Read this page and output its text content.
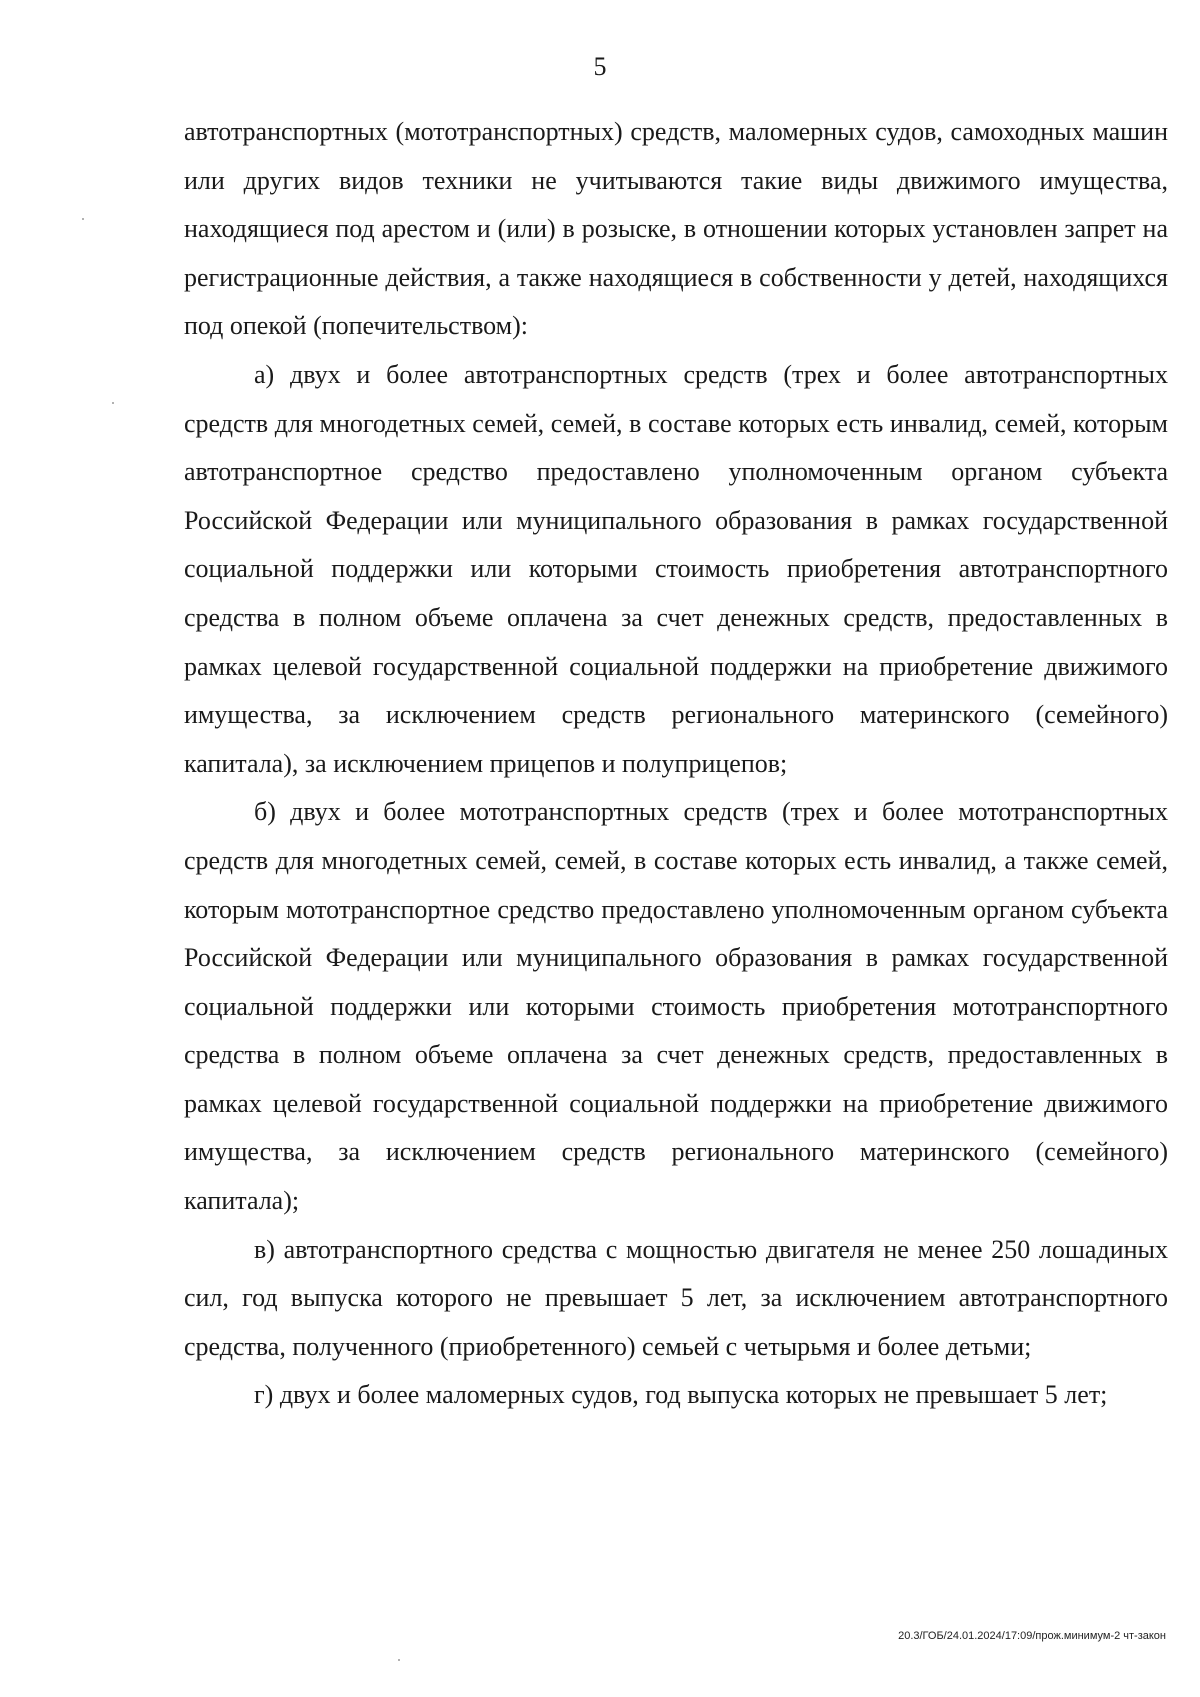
5

автотранспортных (мототранспортных) средств, маломерных судов, самоходных машин или других видов техники не учитываются такие виды движимого имущества, находящиеся под арестом и (или) в розыске, в отношении которых установлен запрет на регистрационные действия, а также находящиеся в собственности у детей, находящихся под опекой (попечительством):

а) двух и более автотранспортных средств (трех и более автотранспортных средств для многодетных семей, семей, в составе которых есть инвалид, семей, которым автотранспортное средство предоставлено уполномоченным органом субъекта Российской Федерации или муниципального образования в рамках государственной социальной поддержки или которыми стоимость приобретения автотранспортного средства в полном объеме оплачена за счет денежных средств, предоставленных в рамках целевой государственной социальной поддержки на приобретение движимого имущества, за исключением средств регионального материнского (семейного) капитала), за исключением прицепов и полуприцепов;

б) двух и более мототранспортных средств (трех и более мототранспортных средств для многодетных семей, семей, в составе которых есть инвалид, а также семей, которым мототранспортное средство предоставлено уполномоченным органом субъекта Российской Федерации или муниципального образования в рамках государственной социальной поддержки или которыми стоимость приобретения мототранспортного средства в полном объеме оплачена за счет денежных средств, предоставленных в рамках целевой государственной социальной поддержки на приобретение движимого имущества, за исключением средств регионального материнского (семейного) капитала);

в) автотранспортного средства с мощностью двигателя не менее 250 лошадиных сил, год выпуска которого не превышает 5 лет, за исключением автотранспортного средства, полученного (приобретенного) семьей с четырьмя и более детьми;

г) двух и более маломерных судов, год выпуска которых не превышает 5 лет;

20.3/ГОБ/24.01.2024/17:09/прож.минимум-2 чт-закон
